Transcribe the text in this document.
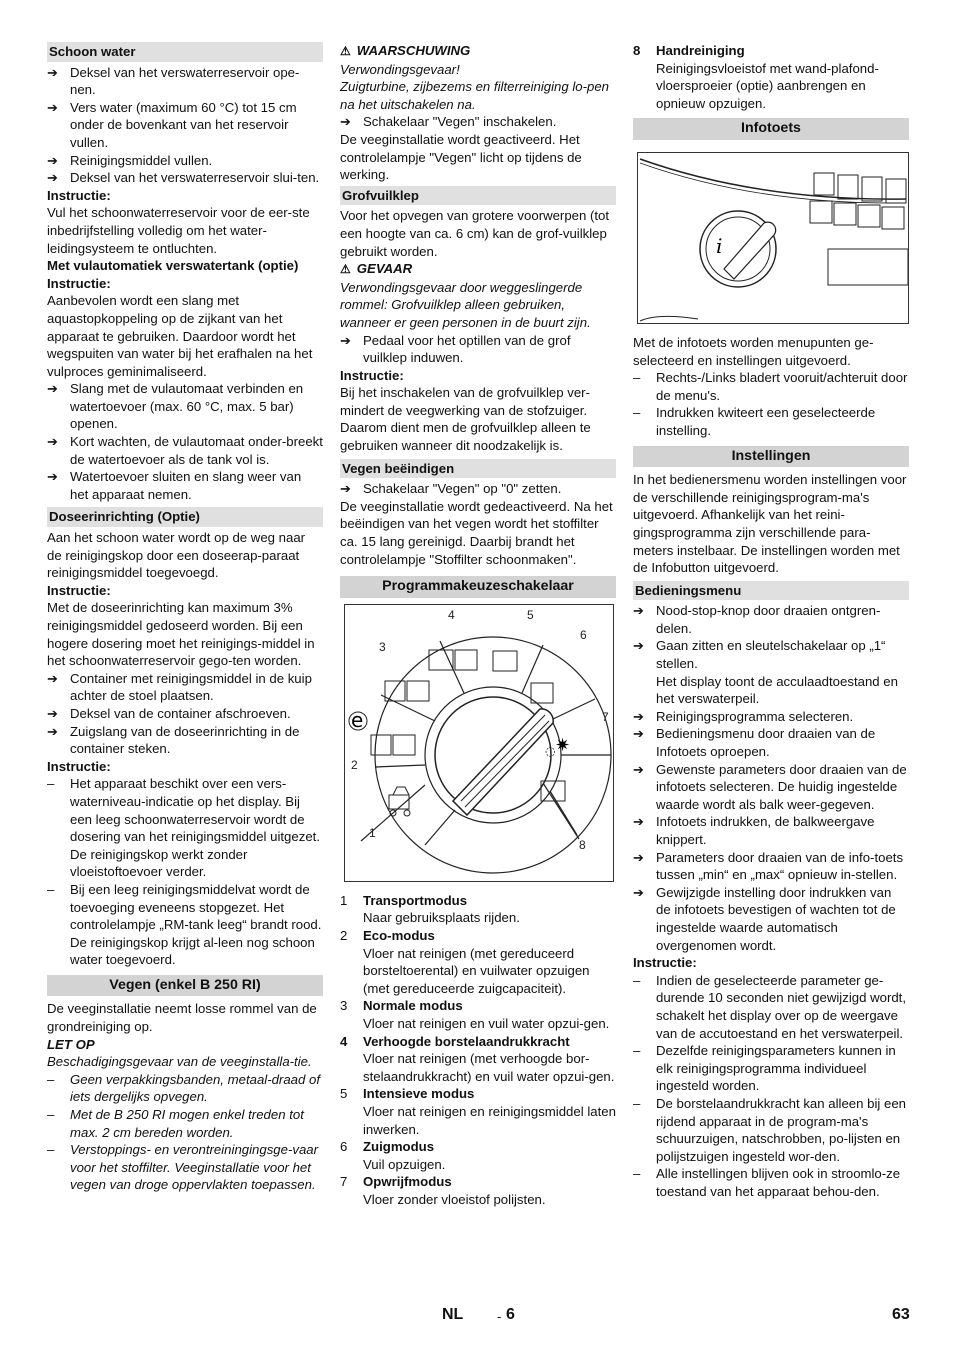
Schoon water
➔ Deksel van het verswaterreservoir ope-nen.
➔ Vers water (maximum 60 °C) tot 15 cm onder de bovenkant van het reservoir vullen.
➔ Reinigingsmiddel vullen.
➔ Deksel van het verswaterreservoir slui-ten.

Instructie:

Vul het schoonwaterreservoir voor de eer-ste inbedrijfstelling volledig om het water-leidingsysteem te ontluchten.

Met vulautomatiek verswatertank (optie)

Instructie:

Aanbevolen wordt een slang met aquastopkoppeling op de zijkant van het apparaat te gebruiken. Daardoor wordt het wegspuiten van water bij het erafhalen na het vulproces geminimaliseerd.

➔ Slang met de vulautomaat verbinden en watertoevoer (max. 60 °C, max. 5 bar) openen.
➔ Kort wachten, de vulautomaat onder-breekt de watertoevoer als de tank vol is.
➔ Watertoevoer sluiten en slang weer van het apparaat nemen.
Doseerinrichting (Optie)

Aan het schoon water wordt op de weg naar de reinigingskop door een doseerap-paraat reinigingsmiddel toegevoegd.

Instructie:

Met de doseerinrichting kan maximum 3% reinigingsmiddel gedoseerd worden. Bij een hogere dosering moet het reinigings-middel in het schoonwaterreservoir gego-ten worden.

➔ Container met reinigingsmiddel in de kuip achter de stoel plaatsen.
➔ Deksel van de container afschroeven.
➔ Zuigslang van de doseerinrichting in de container steken.

Instructie:

–	Het apparaat beschikt over een vers-waterniveau-indicatie op het display. Bij een leeg schoonwaterreservoir wordt de dosering van het reinigingsmiddel uitgezet. De reinigingskop werkt zonder vloeistoftoevoer verder.
–	Bij een leeg reinigingsmiddelvat wordt de toevoeging eveneens stopgezet. Het controlelampje „RM-tank leeg“ brandt rood. De reinigingskop krijgt al-leen nog schoon water toegevoerd.
Vegen (enkel B 250 RI)

De veeginstallatie neemt losse rommel van de grondreiniging op.

LET OP

Beschadigingsgevaar van de veeginstalla-tie.

–	Geen verpakkingsbanden, metaal-draad of iets dergelijks opvegen.
–	Met de B 250 RI mogen enkel treden tot max. 2 cm bereden worden.
–	Verstoppings- en verontreiningingsge-vaar voor het stoffilter. Veeginstallatie voor het vegen van droge oppervlakten toepassen.

⚠ WAARSCHUWING

Verwondingsgevaar!

Zuigturbine, zijbezems en filterreiniging lo-pen na het uitschakelen na.

➔ Schakelaar "Vegen" inschakelen.

De veeginstallatie wordt geactiveerd. Het controlelampje "Vegen" licht op tijdens de werking.

Grofvuilklep

Voor het opvegen van grotere voorwerpen (tot een hoogte van ca. 6 cm) kan de grof-vuilklep gebruikt worden.

⚠ GEVAAR

Verwondingsgevaar door weggeslingerde rommel: Grofvuilklep alleen gebruiken, wanneer er geen personen in de buurt zijn.

➔ Pedaal voor het optillen van de grof vuilklep induwen.

Instructie:

Bij het inschakelen van de grofvuilklep ver-mindert de veegwerking van de stofzuiger. Daarom dient men de grofvuilklep alleen te gebruiken wanneer dit noodzakelijk is.

Vegen beëindigen
➔ Schakelaar "Vegen" op "0" zetten.

De veeginstallatie wordt gedeactiveerd. Na het beëindigen van het vegen wordt het stoffilter ca. 15 lang gereinigd. Daarbij brandt het controlelampje "Stoffilter schoonmaken".

Programmakeuzeschakelaar
✷
◌
e
1
2
3
4	5
6
7
8
1 Transportmodus
Naar gebruiksplaats rijden.
2 Eco-modus
Vloer nat reinigen (met gereduceerd borsteltoerental) en vuilwater opzuigen (met gereduceerde zuigcapaciteit).
3 Normale modus
Vloer nat reinigen en vuil water opzui-gen.
4 Verhoogde borstelaandrukkracht
Vloer nat reinigen (met verhoogde bor-stelaandrukkracht) en vuil water opzui-gen.
5 Intensieve modus
Vloer nat reinigen en reinigingsmiddel laten inwerken.
6 Zuigmodus
Vuil opzuigen.
7 Opwrijfmodus
Vloer zonder vloeistof polijsten.
8 Handreiniging
Reinigingsvloeistof met wand-plafond-vloersproeier (optie) aanbrengen en opnieuw opzuigen.
Infotoets
i

Met de infotoets worden menupunten ge-selecteerd en instellingen uitgevoerd.

–	Rechts-/Links bladert vooruit/achteruit door de menu's.
–	Indrukken kwiteert een geselecteerde instelling.
Instellingen

In het bedienersmenu worden instellingen voor de verschillende reinigingsprogram-ma's uitgevoerd. Afhankelijk van het reini-gingsprogramma zijn verschillende para-meters instelbaar. De instellingen worden met de Infobutton uitgevoerd.

Bedieningsmenu
➔ Nood-stop-knop door draaien ontgren-delen.
➔ Gaan zitten en sleutelschakelaar op „1“ stellen.
Het display toont de acculaadtoestand en het verswaterpeil.
➔ Reinigingsprogramma selecteren.
➔ Bedieningsmenu door draaien van de Infotoets oproepen.
➔ Gewenste parameters door draaien van de infotoets selecteren. De huidig ingestelde waarde wordt als balk weer-gegeven.
➔ Infotoets indrukken, de balkweergave knippert.
➔ Parameters door draaien van de info-toets tussen „min“ en „max“ opnieuw in-stellen.
➔ Gewijzigde instelling door indrukken van de infotoets bevestigen of wachten tot de ingestelde waarde automatisch overgenomen wordt.

Instructie:

–	Indien de geselecteerde parameter ge-durende 10 seconden niet gewijzigd wordt, schakelt het display over op de weergave van de accutoestand en het verswaterpeil.
–	Dezelfde reinigingsparameters kunnen in elk reinigingsprogramma individueel ingesteld worden.
–	De borstelaandrukkracht kan alleen bij een rijdend apparaat in de program-ma's schuurzuigen, natschrobben, po-lijsten en polijstzuigen ingesteld wor-den.
–	Alle instellingen blijven ook in stroomlo-ze toestand van het apparaat behou-den.
NL	- 6	63
